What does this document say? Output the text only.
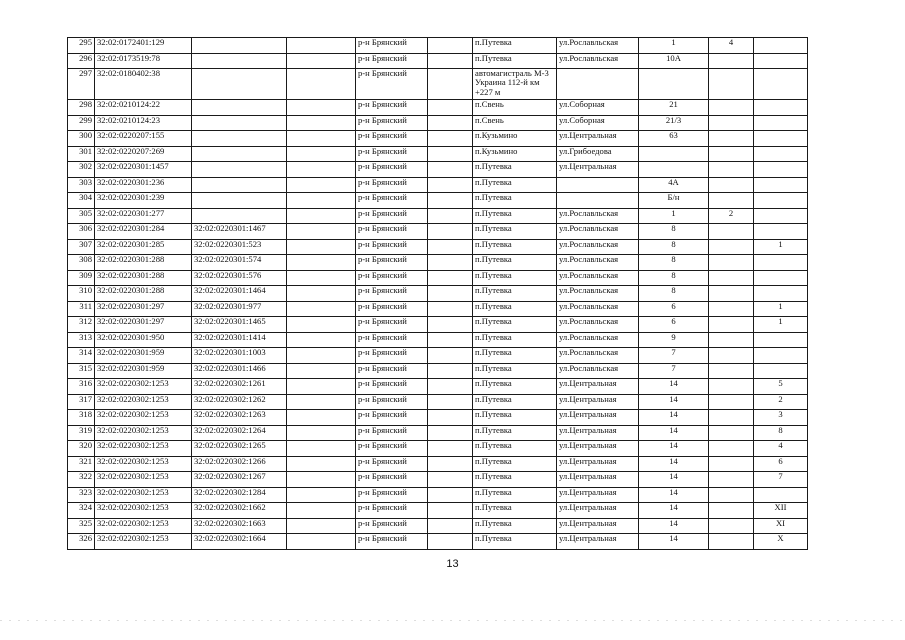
295	32:02:0172401:129			р-н Брянский		п.Путевка	ул.Рославльская	1	4	
296	32:02:0173519:78			р-н Брянский		п.Путевка	ул.Рославльская	10А		
297	32:02:0180402:38			р-н Брянский		автомагистраль М-3 Украина 112-й км +227 м				
298	32:02:0210124:22			р-н Брянский		п.Свень	ул.Соборная	21		
299	32:02:0210124:23			р-н Брянский		п.Свень	ул.Соборная	21/3		
300	32:02:0220207:155			р-н Брянский		п.Кузьмино	ул.Центральная	63		
301	32:02:0220207:269			р-н Брянский		п.Кузьмино	ул.Грибоедова			
302	32:02:0220301:1457			р-н Брянский		п.Путевка	ул.Центральная			
303	32:02:0220301:236			р-н Брянский		п.Путевка		4А		
304	32:02:0220301:239			р-н Брянский		п.Путевка		Б/н		
305	32:02:0220301:277			р-н Брянский		п.Путевка	ул.Рославльская	1	2	
306	32:02:0220301:284	32:02:0220301:1467		р-н Брянский		п.Путевка	ул.Рославльская	8		
307	32:02:0220301:285	32:02:0220301:523		р-н Брянский		п.Путевка	ул.Рославльская	8		1
308	32:02:0220301:288	32:02:0220301:574		р-н Брянский		п.Путевка	ул.Рославльская	8		
309	32:02:0220301:288	32:02:0220301:576		р-н Брянский		п.Путевка	ул.Рославльская	8		
310	32:02:0220301:288	32:02:0220301:1464		р-н Брянский		п.Путевка	ул.Рославльская	8		
311	32:02:0220301:297	32:02:0220301:977		р-н Брянский		п.Путевка	ул.Рославльская	6		1
312	32:02:0220301:297	32:02:0220301:1465		р-н Брянский		п.Путевка	ул.Рославльская	6		1
313	32:02:0220301:950	32:02:0220301:1414		р-н Брянский		п.Путевка	ул.Рославльская	9		
314	32:02:0220301:959	32:02:0220301:1003		р-н Брянский		п.Путевка	ул.Рославльская	7		
315	32:02:0220301:959	32:02:0220301:1466		р-н Брянский		п.Путевка	ул.Рославльская	7		
316	32:02:0220302:1253	32:02:0220302:1261		р-н Брянский		п.Путевка	ул.Центральная	14		5
317	32:02:0220302:1253	32:02:0220302:1262		р-н Брянский		п.Путевка	ул.Центральная	14		2
318	32:02:0220302:1253	32:02:0220302:1263		р-н Брянский		п.Путевка	ул.Центральная	14		3
319	32:02:0220302:1253	32:02:0220302:1264		р-н Брянский		п.Путевка	ул.Центральная	14		8
320	32:02:0220302:1253	32:02:0220302:1265		р-н Брянский		п.Путевка	ул.Центральная	14		4
321	32:02:0220302:1253	32:02:0220302:1266		р-н Брянский		п.Путевка	ул.Центральная	14		6
322	32:02:0220302:1253	32:02:0220302:1267		р-н Брянский		п.Путевка	ул.Центральная	14		7
323	32:02:0220302:1253	32:02:0220302:1284		р-н Брянский		п.Путевка	ул.Центральная	14		
324	32:02:0220302:1253	32:02:0220302:1662		р-н Брянский		п.Путевка	ул.Центральная	14		XII
325	32:02:0220302:1253	32:02:0220302:1663		р-н Брянский		п.Путевка	ул.Центральная	14		XI
326	32:02:0220302:1253	32:02:0220302:1664		р-н Брянский		п.Путевка	ул.Центральная	14		X
13
